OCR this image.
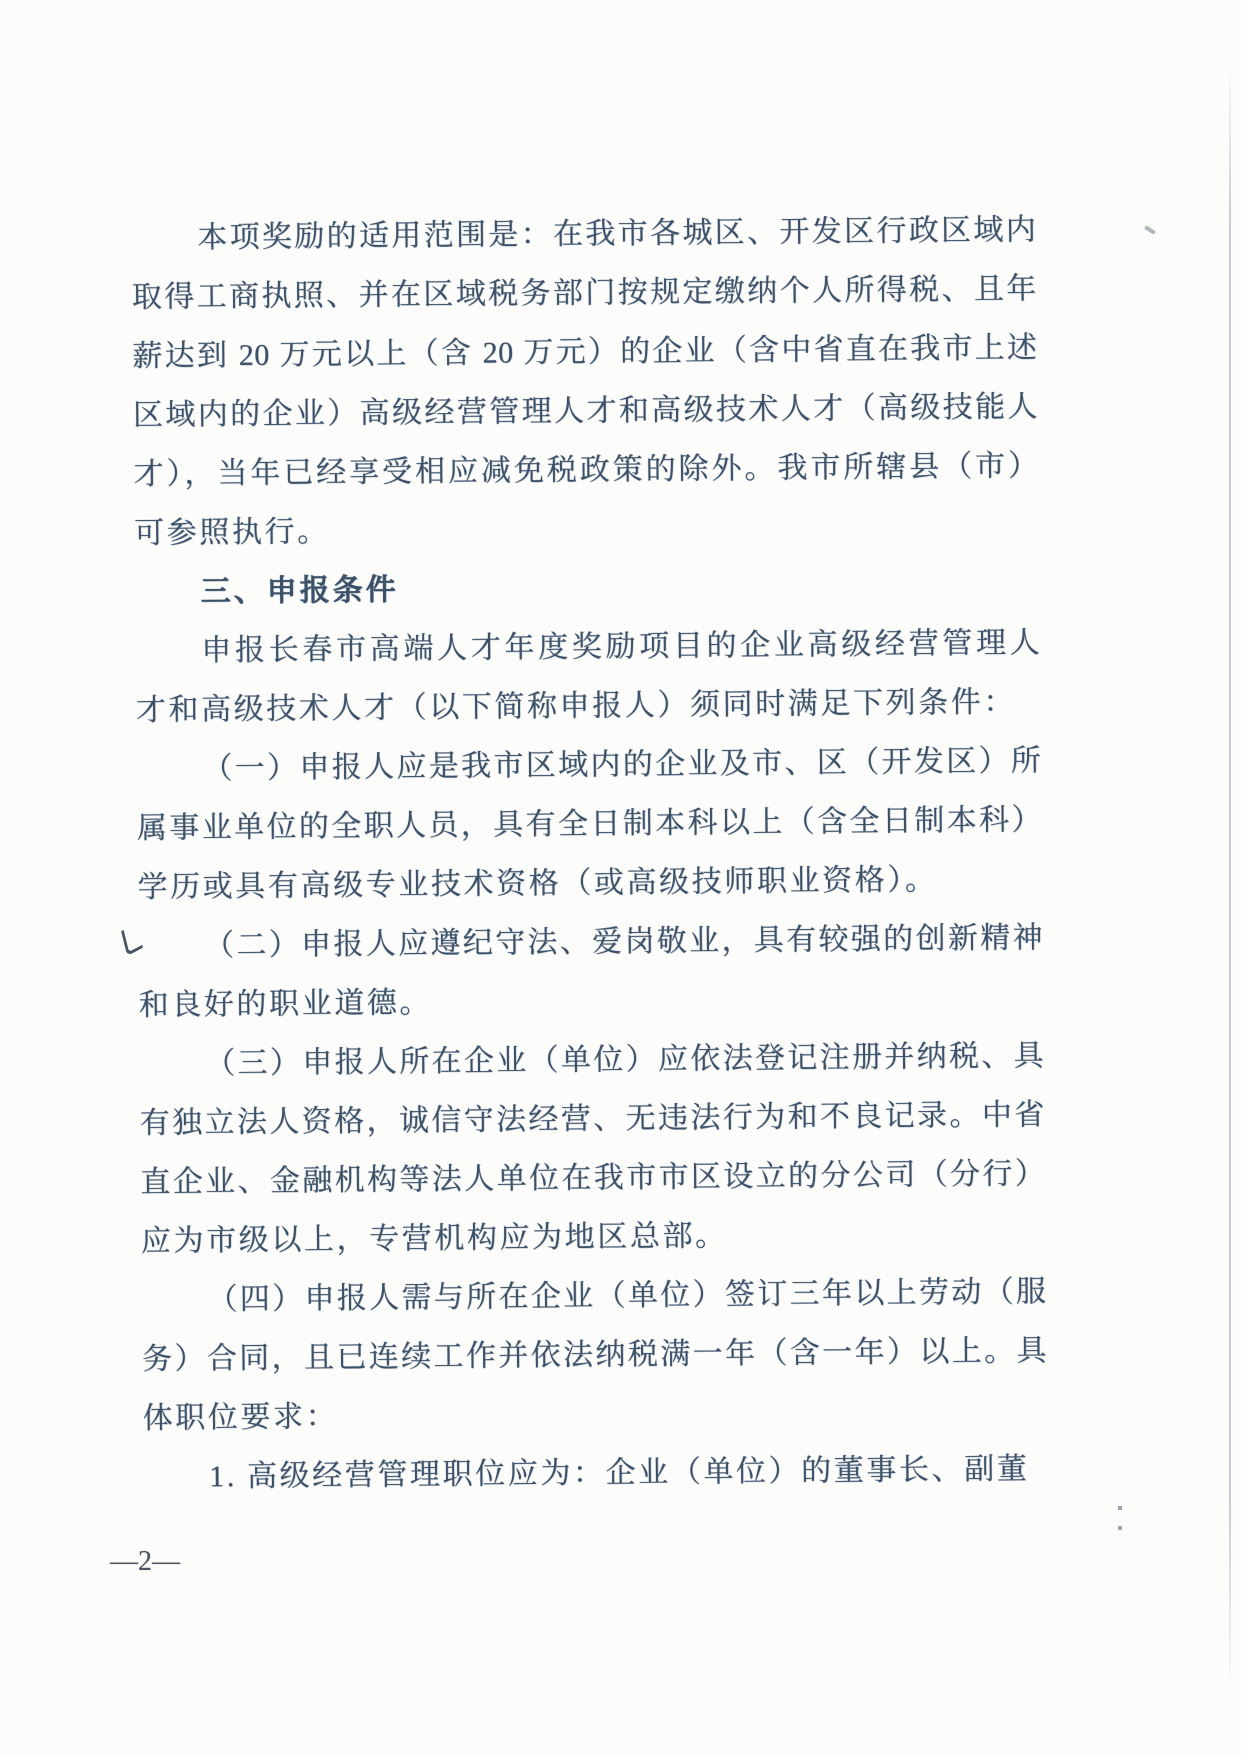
本项奖励的适用范围是：在我市各城区、开发区行政区域内
取得工商执照、并在区域税务部门按规定缴纳个人所得税、且年
薪达到 20 万元以上（含 20 万元）的企业（含中省直在我市上述
区域内的企业）高级经营管理人才和高级技术人才（高级技能人
才），当年已经享受相应减免税政策的除外。我市所辖县（市）
可参照执行。
三、申报条件
申报长春市高端人才年度奖励项目的企业高级经营管理人
才和高级技术人才（以下简称申报人）须同时满足下列条件：
（一）申报人应是我市区域内的企业及市、区（开发区）所
属事业单位的全职人员，具有全日制本科以上（含全日制本科）
学历或具有高级专业技术资格（或高级技师职业资格）。
（二）申报人应遵纪守法、爱岗敬业，具有较强的创新精神
和良好的职业道德。
（三）申报人所在企业（单位）应依法登记注册并纳税、具
有独立法人资格，诚信守法经营、无违法行为和不良记录。中省
直企业、金融机构等法人单位在我市市区设立的分公司（分行）
应为市级以上，专营机构应为地区总部。
（四）申报人需与所在企业（单位）签订三年以上劳动（服
务）合同，且已连续工作并依法纳税满一年（含一年）以上。具
体职位要求：
1. 高级经营管理职位应为：企业（单位）的董事长、副董
—2—
